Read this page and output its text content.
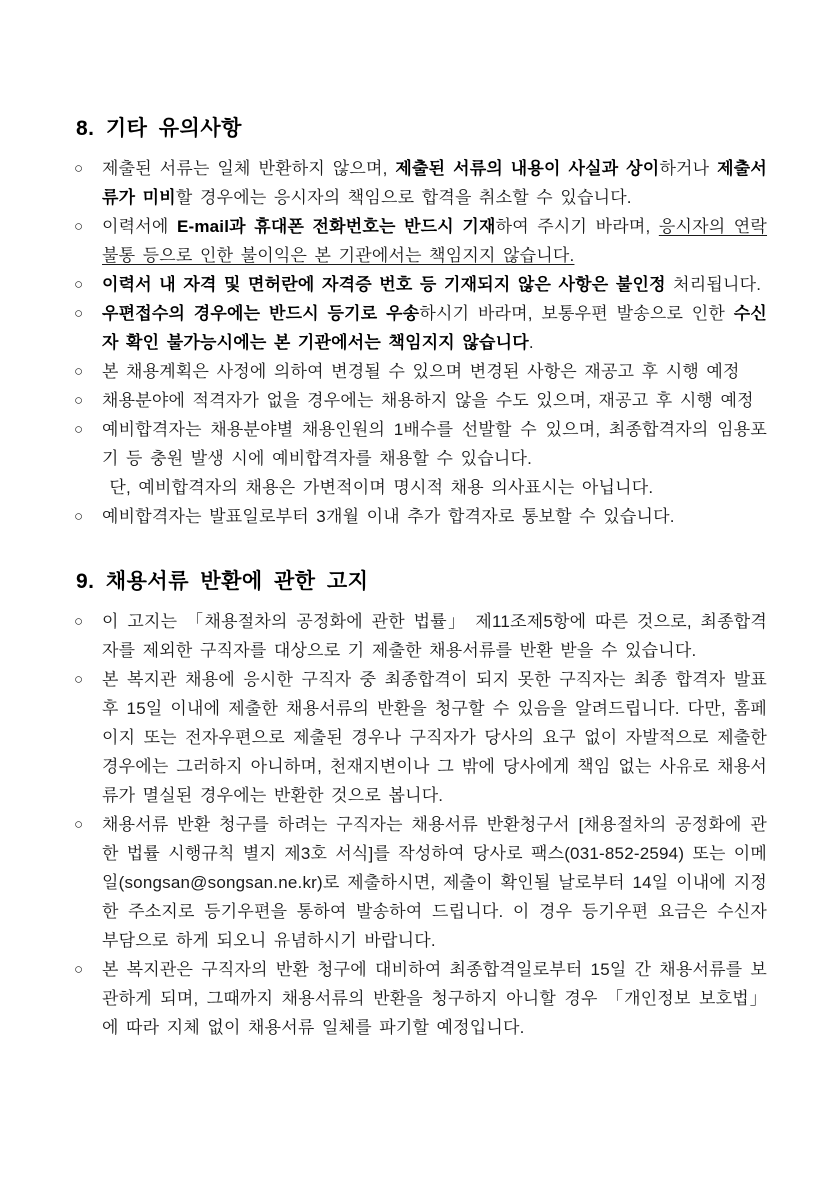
8. 기타 유의사항
○	제출된 서류는 일체 반환하지 않으며, 제출된 서류의 내용이 사실과 상이하거나 제출서류가 미비할 경우에는 응시자의 책임으로 합격을 취소할 수 있습니다.
○	이력서에 E-mail과 휴대폰 전화번호는 반드시 기재하여 주시기 바라며, 응시자의 연락불통 등으로 인한 불이익은 본 기관에서는 책임지지 않습니다.
○	이력서 내 자격 및 면허란에 자격증 번호 등 기재되지 않은 사항은 불인정 처리됩니다.
○	우편접수의 경우에는 반드시 등기로 우송하시기 바라며, 보통우편 발송으로 인한 수신자 확인 불가능시에는 본 기관에서는 책임지지 않습니다.
○	본 채용계획은 사정에 의하여 변경될 수 있으며 변경된 사항은 재공고 후 시행 예정
○	채용분야에 적격자가 없을 경우에는 채용하지 않을 수도 있으며, 재공고 후 시행 예정
○	예비합격자는 채용분야별 채용인원의 1배수를 선발할 수 있으며, 최종합격자의 임용포기 등 충원 발생 시에 예비합격자를 채용할 수 있습니다.
단, 예비합격자의 채용은 가변적이며 명시적 채용 의사표시는 아닙니다.
○	예비합격자는 발표일로부터 3개월 이내 추가 합격자로 통보할 수 있습니다.
9. 채용서류 반환에 관한 고지
○	이 고지는 「채용절차의 공정화에 관한 법률」 제11조제5항에 따른 것으로, 최종합격자를 제외한 구직자를 대상으로 기 제출한 채용서류를 반환 받을 수 있습니다.
○	본 복지관 채용에 응시한 구직자 중 최종합격이 되지 못한 구직자는 최종 합격자 발표 후 15일 이내에 제출한 채용서류의 반환을 청구할 수 있음을 알려드립니다. 다만, 홈페이지 또는 전자우편으로 제출된 경우나 구직자가 당사의 요구 없이 자발적으로 제출한 경우에는 그러하지 아니하며, 천재지변이나 그 밖에 당사에게 책임 없는 사유로 채용서류가 멸실된 경우에는 반환한 것으로 봅니다.
○	채용서류 반환 청구를 하려는 구직자는 채용서류 반환청구서 [채용절차의 공정화에 관한 법률 시행규칙 별지 제3호 서식]를 작성하여 당사로 팩스(031-852-2594) 또는 이메일(songsan@songsan.ne.kr)로 제출하시면, 제출이 확인될 날로부터 14일 이내에 지정한 주소지로 등기우편을 통하여 발송하여 드립니다. 이 경우 등기우편 요금은 수신자 부담으로 하게 되오니 유념하시기 바랍니다.
○	본 복지관은 구직자의 반환 청구에 대비하여 최종합격일로부터 15일 간 채용서류를 보관하게 되며, 그때까지 채용서류의 반환을 청구하지 아니할 경우 「개인정보 보호법」에 따라 지체 없이 채용서류 일체를 파기할 예정입니다.
